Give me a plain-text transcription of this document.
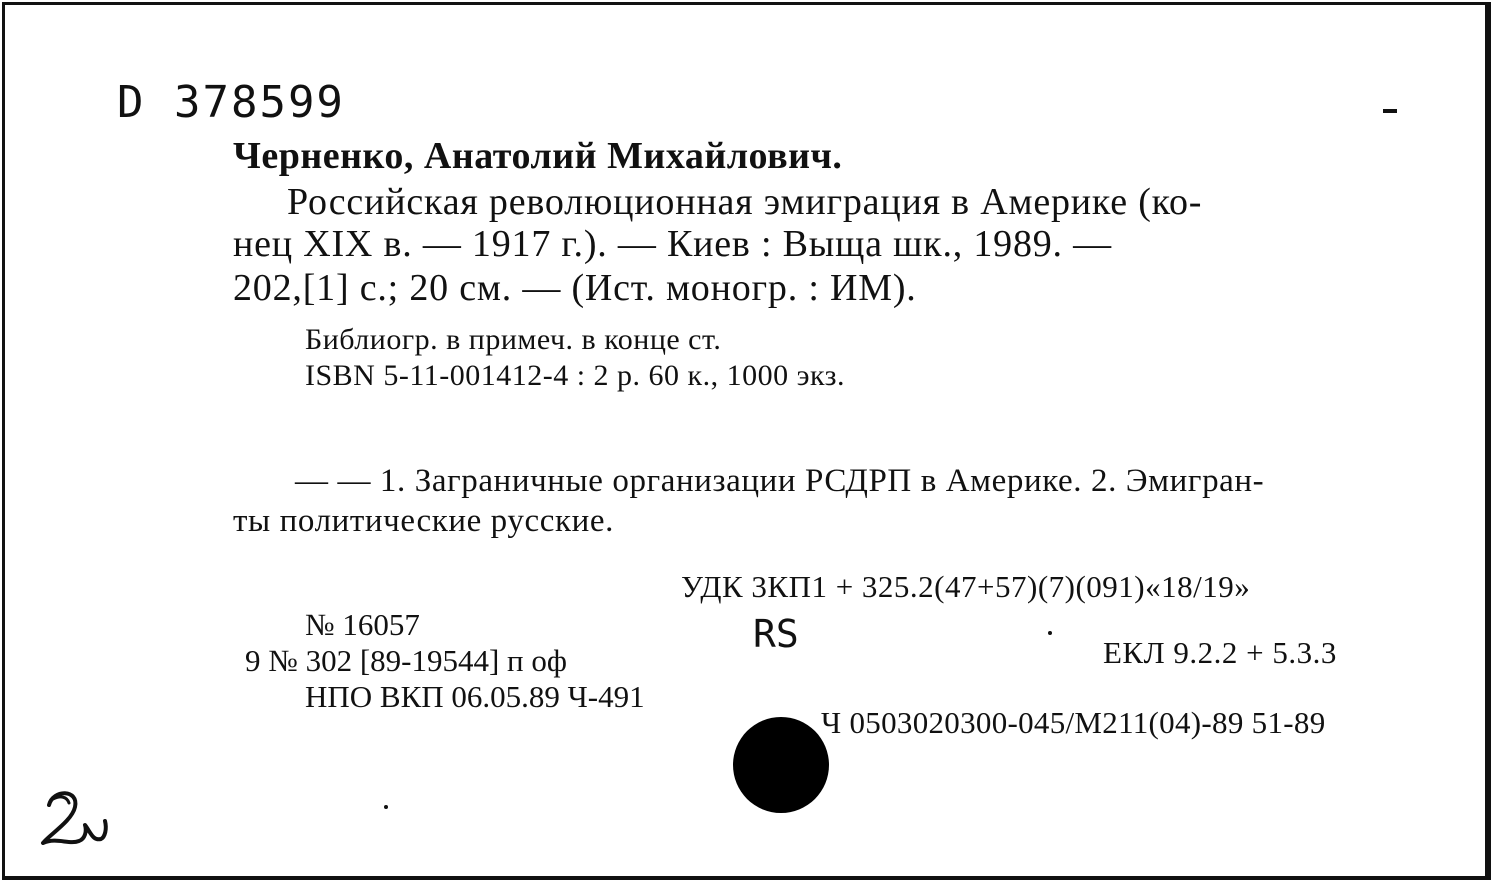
D 378599
Черненко, Анатолий Михайлович.
Российская революционная эмиграция в Америке (ко-
нец XIX в. — 1917 г.). — Киев : Выща шк., 1989. —
202,[1] с.; 20 см. — (Ист. моногр. : ИМ).
Библиогр. в примеч. в конце ст.
ISBN 5-11-001412-4 : 2 р. 60 к., 1000 экз.
— — 1. Заграничные организации РСДРП в Америке. 2. Эмигран-
ты политические русские.
УДК 3КП1 + 325.2(47+57)(7)(091)«18/19»
№ 16057	RS	ЕКЛ 9.2.2 + 5.3.3
9 № 302 [89-19544] п оф
НПО ВКП 06.05.89 Ч-491
Ч 0503020300-045/М211(04)-89 51-89
